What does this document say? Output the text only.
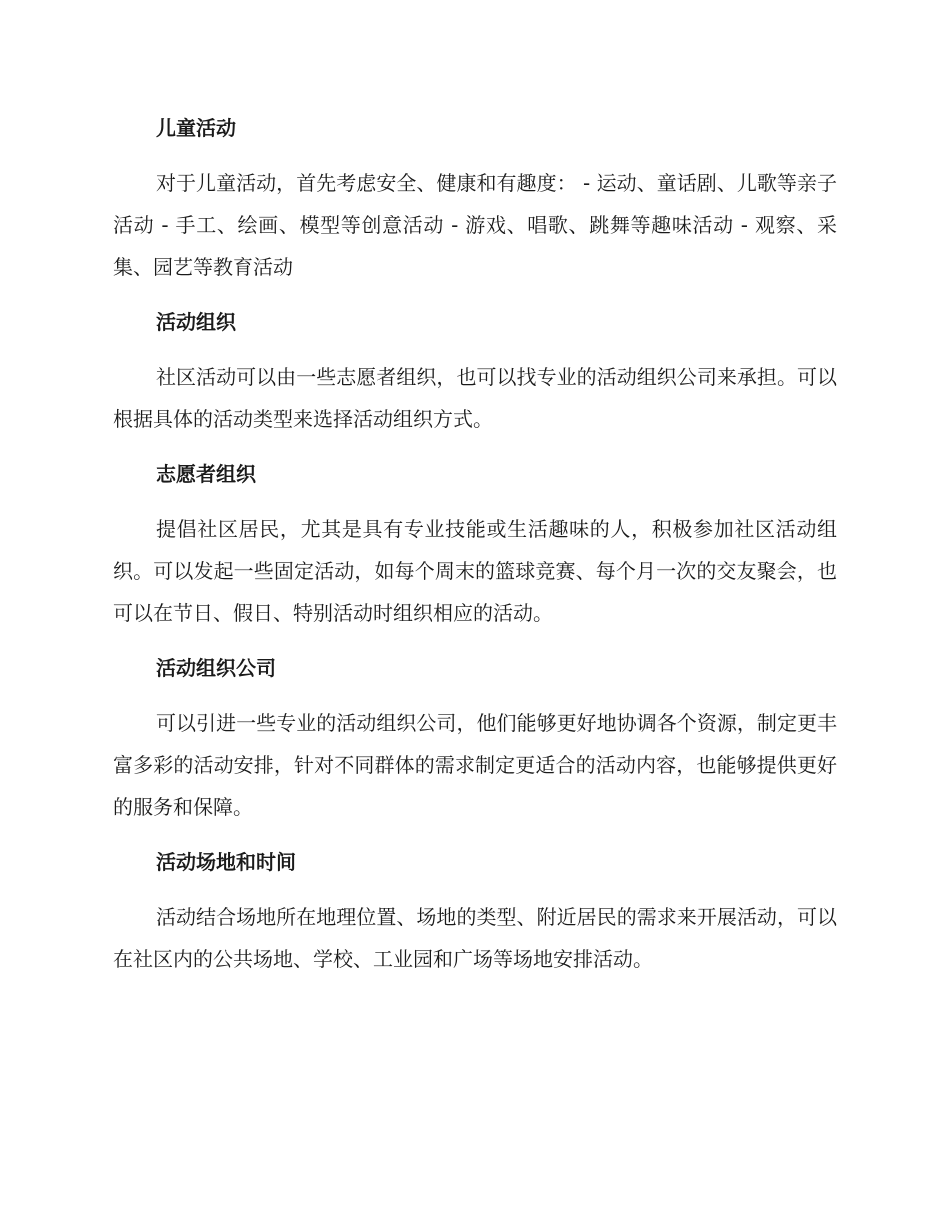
儿童活动

对于儿童活动，首先考虑安全、健康和有趣度： - 运动、童话剧、儿歌等亲子活动 - 手工、绘画、模型等创意活动 - 游戏、唱歌、跳舞等趣味活动 - 观察、采集、园艺等教育活动

活动组织

社区活动可以由一些志愿者组织，也可以找专业的活动组织公司来承担。可以根据具体的活动类型来选择活动组织方式。

志愿者组织

提倡社区居民，尤其是具有专业技能或生活趣味的人，积极参加社区活动组织。可以发起一些固定活动，如每个周末的篮球竞赛、每个月一次的交友聚会，也可以在节日、假日、特别活动时组织相应的活动。

活动组织公司

可以引进一些专业的活动组织公司，他们能够更好地协调各个资源，制定更丰富多彩的活动安排，针对不同群体的需求制定更适合的活动内容，也能够提供更好的服务和保障。

活动场地和时间

活动结合场地所在地理位置、场地的类型、附近居民的需求来开展活动，可以在社区内的公共场地、学校、工业园和广场等场地安排活动。
